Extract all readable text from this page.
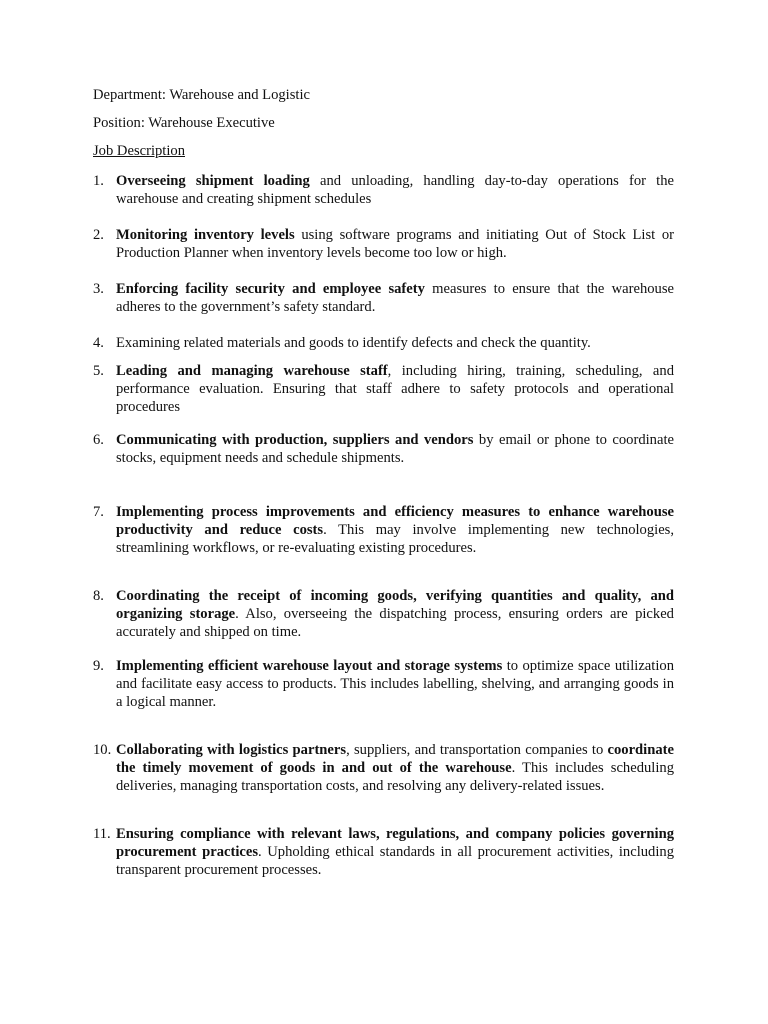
Department: Warehouse and Logistic

Position: Warehouse Executive

Job Description

1. Overseeing shipment loading and unloading, handling day-to-day operations for the warehouse and creating shipment schedules
2. Monitoring inventory levels using software programs and initiating Out of Stock List or Production Planner when inventory levels become too low or high.
3. Enforcing facility security and employee safety measures to ensure that the warehouse adheres to the government’s safety standard.
4. Examining related materials and goods to identify defects and check the quantity.
5. Leading and managing warehouse staff, including hiring, training, scheduling, and performance evaluation. Ensuring that staff adhere to safety protocols and operational procedures
6. Communicating with production, suppliers and vendors by email or phone to coordinate stocks, equipment needs and schedule shipments.
7. Implementing process improvements and efficiency measures to enhance warehouse productivity and reduce costs. This may involve implementing new technologies, streamlining workflows, or re-evaluating existing procedures.
8. Coordinating the receipt of incoming goods, verifying quantities and quality, and organizing storage. Also, overseeing the dispatching process, ensuring orders are picked accurately and shipped on time.
9. Implementing efficient warehouse layout and storage systems to optimize space utilization and facilitate easy access to products. This includes labelling, shelving, and arranging goods in a logical manner.
10. Collaborating with logistics partners, suppliers, and transportation companies to coordinate the timely movement of goods in and out of the warehouse. This includes scheduling deliveries, managing transportation costs, and resolving any delivery-related issues.
11. Ensuring compliance with relevant laws, regulations, and company policies governing procurement practices. Upholding ethical standards in all procurement activities, including transparent procurement processes.
